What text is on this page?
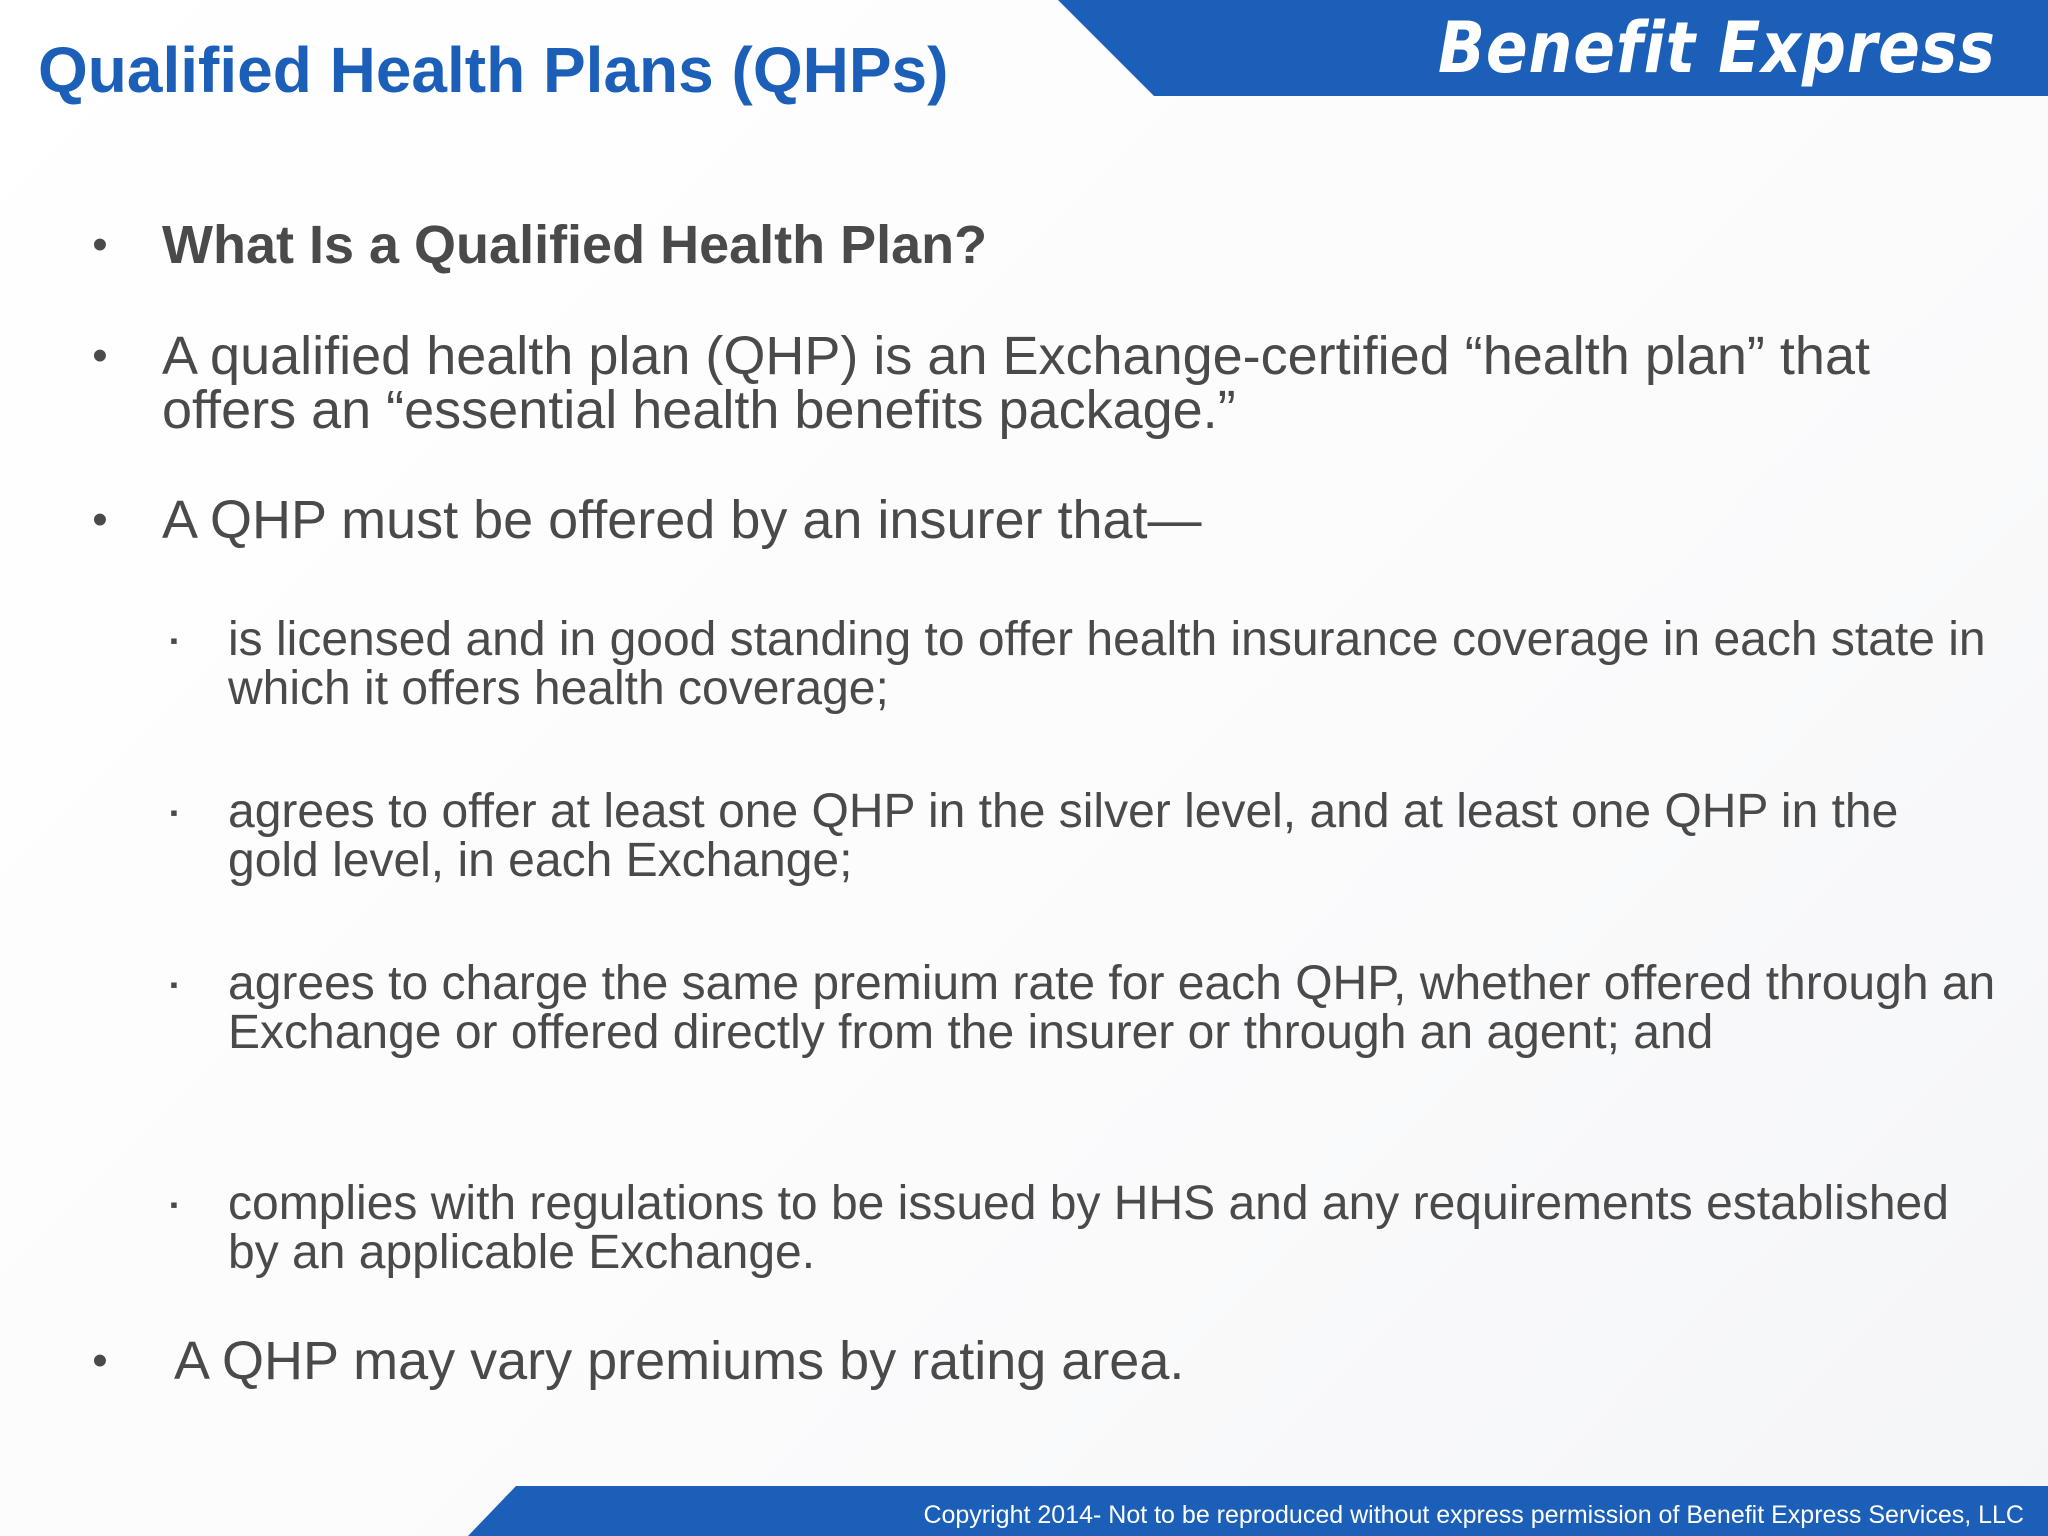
Benefit Express
Qualified Health Plans (QHPs)
• What Is a Qualified Health Plan?
• A qualified health plan (QHP) is an Exchange-certified “health plan” that offers an “essential health benefits package.”
• A QHP must be offered by an insurer that—
▪	is licensed and in good standing to offer health insurance coverage in each state in which it offers health coverage;
▪	agrees to offer at least one QHP in the silver level, and at least one QHP in the gold level, in each Exchange;
▪	agrees to charge the same premium rate for each QHP, whether offered through an Exchange or offered directly from the insurer or through an agent; and
▪	complies with regulations to be issued by HHS and any requirements established by an applicable Exchange.
• A QHP may vary premiums by rating area.
Copyright 2014- Not to be reproduced without express permission of Benefit Express Services, LLC
